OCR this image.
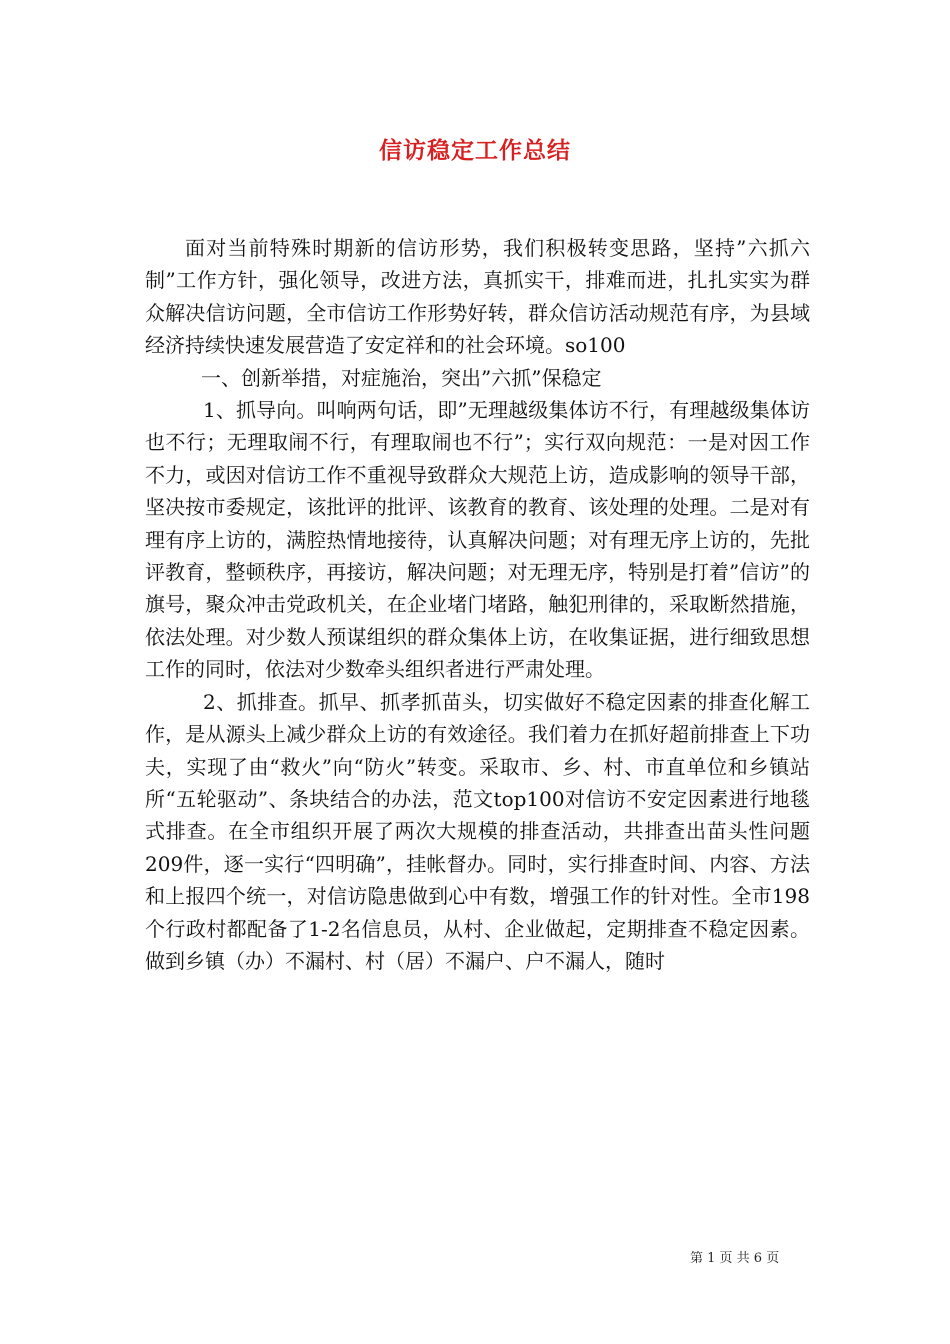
信访稳定工作总结

面对当前特殊时期新的信访形势，我们积极转变思路，坚持”六抓六制”工作方针，强化领导，改进方法，真抓实干，排难而进，扎扎实实为群众解决信访问题，全市信访工作形势好转，群众信访活动规范有序，为县域经济持续快速发展营造了安定祥和的社会环境。so100

一、创新举措，对症施治，突出”六抓”保稳定

1、抓导向。叫响两句话，即”无理越级集体访不行，有理越级集体访也不行；无理取闹不行，有理取闹也不行”；实行双向规范：一是对因工作不力，或因对信访工作不重视导致群众大规范上访，造成影响的领导干部，坚决按市委规定，该批评的批评、该教育的教育、该处理的处理。二是对有理有序上访的，满腔热情地接待，认真解决问题；对有理无序上访的，先批评教育，整顿秩序，再接访，解决问题；对无理无序，特别是打着”信访”的旗号，聚众冲击党政机关，在企业堵门堵路，触犯刑律的，采取断然措施，依法处理。对少数人预谋组织的群众集体上访，在收集证据，进行细致思想工作的同时，依法对少数牵头组织者进行严肃处理。

2、抓排查。抓早、抓孝抓苗头，切实做好不稳定因素的排查化解工作，是从源头上减少群众上访的有效途径。我们着力在抓好超前排查上下功夫，实现了由“救火”向“防火”转变。采取市、乡、村、市直单位和乡镇站所“五轮驱动”、条块结合的办法，范文top100对信访不安定因素进行地毯式排查。在全市组织开展了两次大规模的排查活动，共排查出苗头性问题209件，逐一实行“四明确”，挂帐督办。同时，实行排查时间、内容、方法和上报四个统一，对信访隐患做到心中有数，增强工作的针对性。全市198个行政村都配备了1-2名信息员，从村、企业做起，定期排查不稳定因素。做到乡镇（办）不漏村、村（居）不漏户、户不漏人，随时

第 1 页 共 6 页
